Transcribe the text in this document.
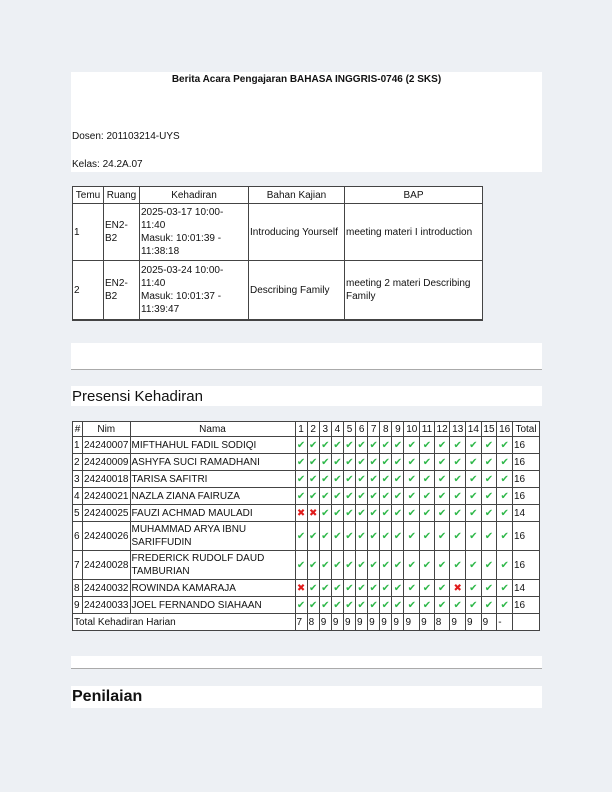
Berita Acara Pengajaran BAHASA INGGRIS-0746 (2 SKS)
Dosen: 201103214-UYS
Kelas: 24.2A.07
Temu	Ruang	Kehadiran	Bahan Kajian	BAP
1	EN2-B2	2025-03-17 10:00-11:40
Masuk: 10:01:39 - 11:38:18	Introducing Yourself	meeting materi I introduction
2	EN2-B2	2025-03-24 10:00-11:40
Masuk: 10:01:37 - 11:39:47	Describing Family	meeting 2 materi Describing Family
Presensi Kehadiran
#	Nim	Nama	1	2	3	4	5	6	7	8	9	10	11	12	13	14	15	16	Total
1	24240007	MIFTHAHUL FADIL SODIQI	✔	✔	✔	✔	✔	✔	✔	✔	✔	✔	✔	✔	✔	✔	✔	✔	16
2	24240009	ASHYFA SUCI RAMADHANI	✔	✔	✔	✔	✔	✔	✔	✔	✔	✔	✔	✔	✔	✔	✔	✔	16
3	24240018	TARISA SAFITRI	✔	✔	✔	✔	✔	✔	✔	✔	✔	✔	✔	✔	✔	✔	✔	✔	16
4	24240021	NAZLA ZIANA FAIRUZA	✔	✔	✔	✔	✔	✔	✔	✔	✔	✔	✔	✔	✔	✔	✔	✔	16
5	24240025	FAUZI ACHMAD MAULADI	✖	✖	✔	✔	✔	✔	✔	✔	✔	✔	✔	✔	✔	✔	✔	✔	14
6	24240026	MUHAMMAD ARYA IBNU SARIFFUDIN	✔	✔	✔	✔	✔	✔	✔	✔	✔	✔	✔	✔	✔	✔	✔	✔	16
7	24240028	FREDERICK RUDOLF DAUD TAMBURIAN	✔	✔	✔	✔	✔	✔	✔	✔	✔	✔	✔	✔	✔	✔	✔	✔	16
8	24240032	ROWINDA KAMARAJA	✖	✔	✔	✔	✔	✔	✔	✔	✔	✔	✔	✔	✖	✔	✔	✔	14
9	24240033	JOEL FERNANDO SIAHAAN	✔	✔	✔	✔	✔	✔	✔	✔	✔	✔	✔	✔	✔	✔	✔	✔	16
Total Kehadiran Harian			7	8	9	9	9	9	9	9	9	9	9	8	9	9	9	-	
Penilaian
